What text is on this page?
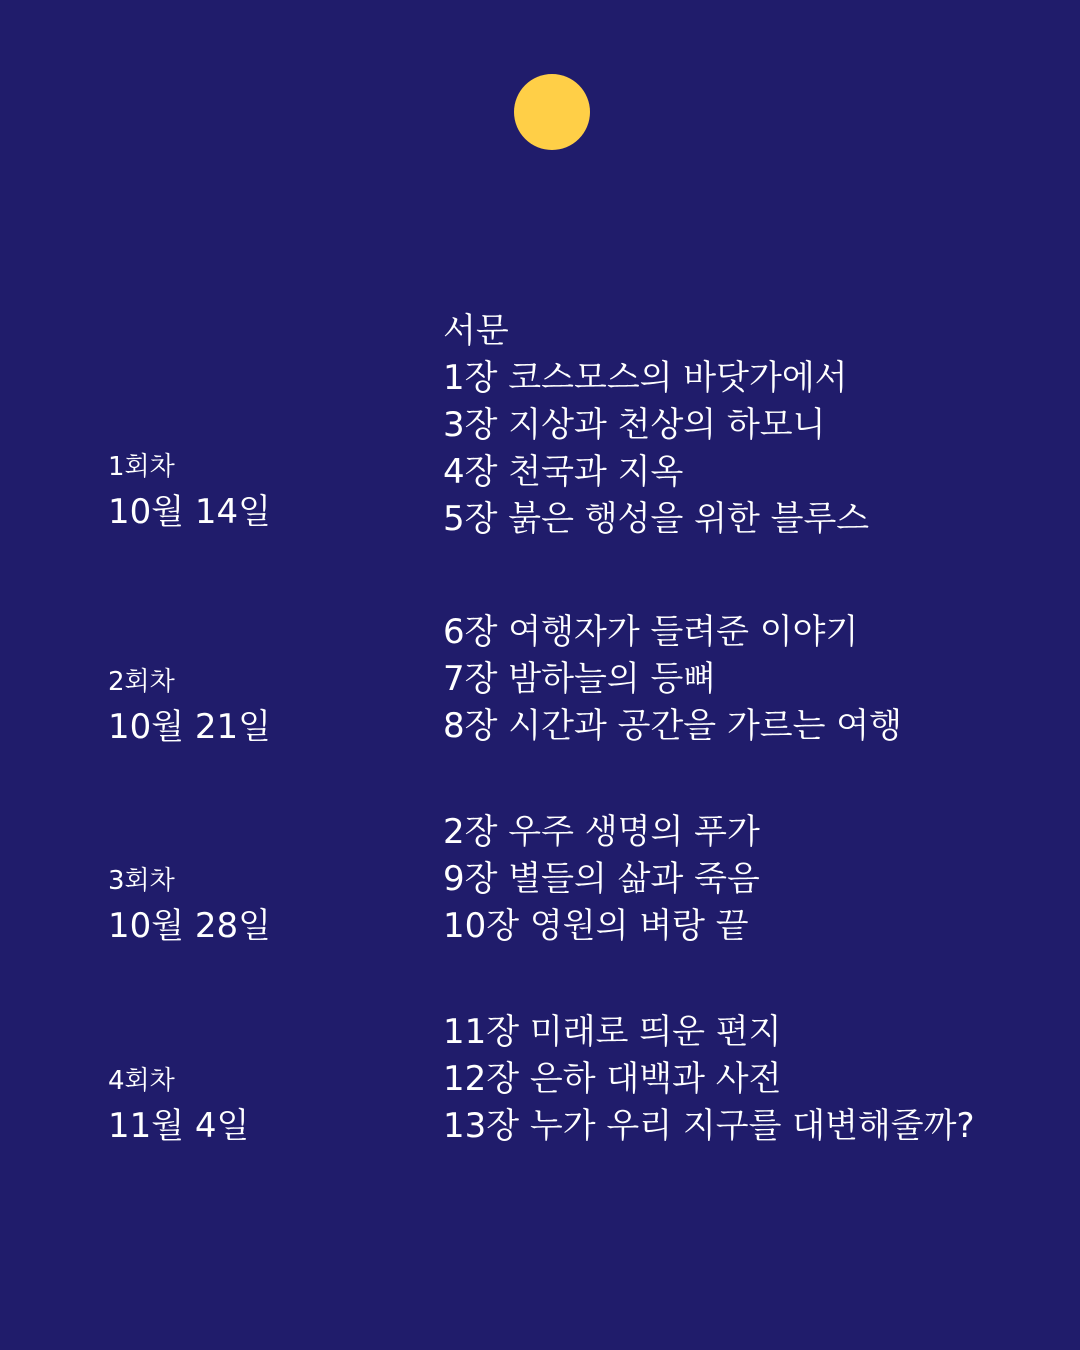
1회차
10월 14일
서문
1장 코스모스의 바닷가에서
3장 지상과 천상의 하모니
4장 천국과 지옥
5장 붉은 행성을 위한 블루스
2회차
10월 21일
6장 여행자가 들려준 이야기
7장 밤하늘의 등뼈
8장 시간과 공간을 가르는 여행
3회차
10월 28일
2장 우주 생명의 푸가
9장 별들의 삶과 죽음
10장 영원의 벼랑 끝
4회차
11월 4일
11장 미래로 띄운 편지
12장 은하 대백과 사전
13장 누가 우리 지구를 대변해줄까?
